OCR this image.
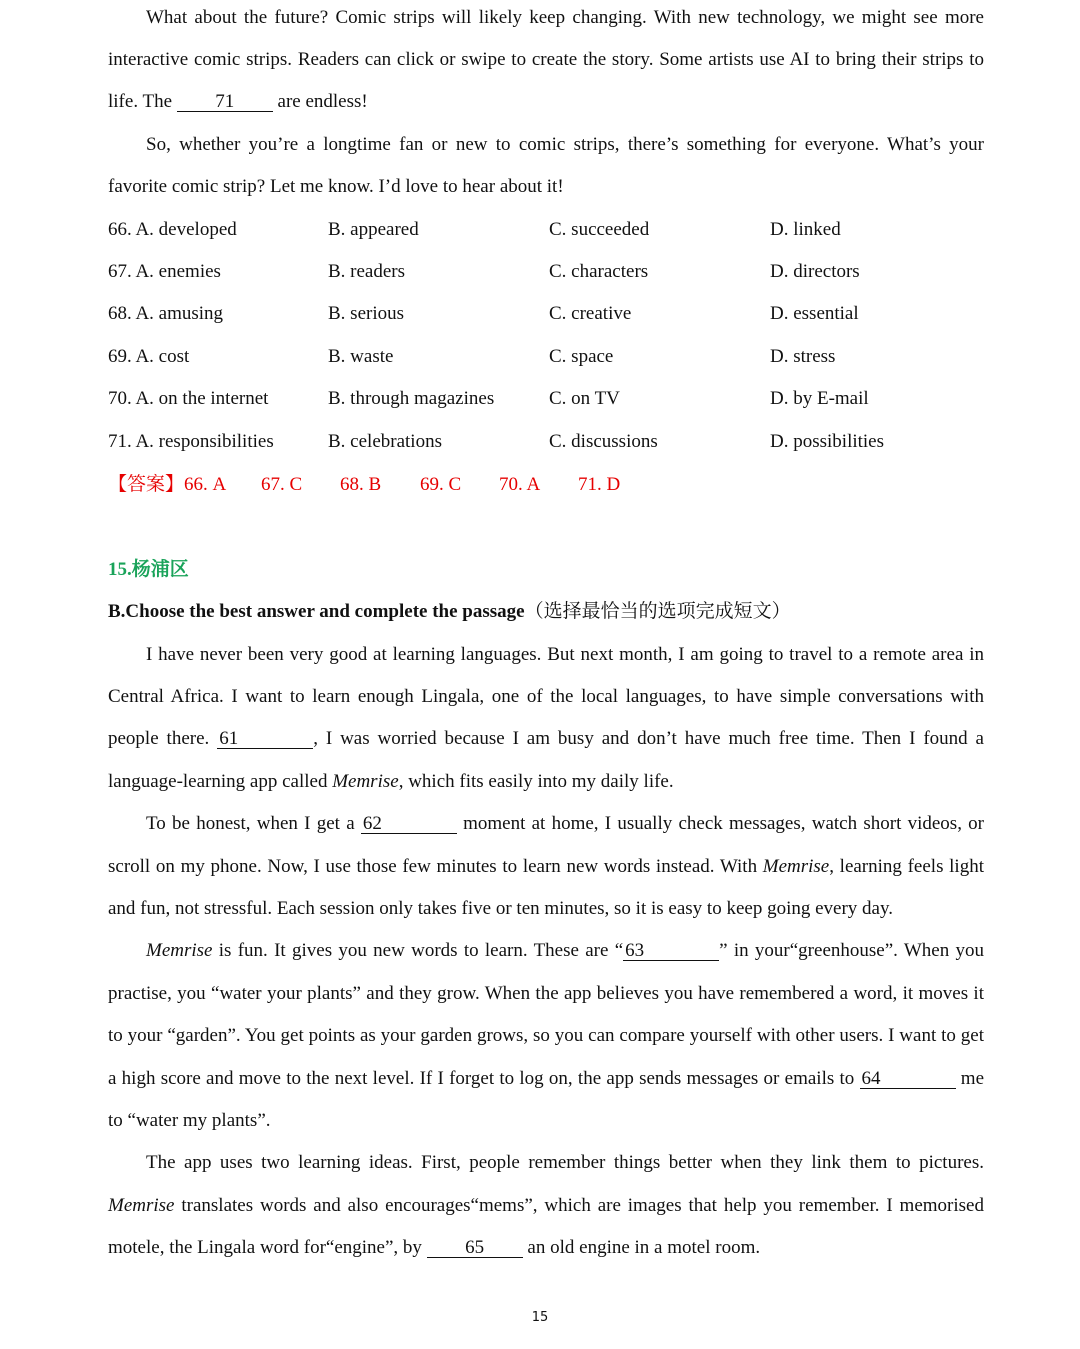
What about the future? Comic strips will likely keep changing. With new technology, we might see more
interactive comic strips. Readers can click or swipe to create the story. Some artists use AI to bring their strips to
life. The 71 are endless!
So, whether you’re a longtime fan or new to comic strips, there’s something for everyone. What’s your
favorite comic strip? Let me know. I’d love to hear about it!
66. A. developed	B. appeared	C. succeeded	D. linked
67. A. enemies	B. readers	C. characters	D. directors
68. A. amusing	B. serious	C. creative	D. essential
69. A. cost	B. waste	C. space	D. stress
70. A. on the internet	B. through magazines	C. on TV	D. by E-mail
71. A. responsibilities	B. celebrations	C. discussions	D. possibilities
【答案】66. A 67. C 68. B 69. C 70. A 71. D
15.杨浦区
B.Choose the best answer and complete the passage（选择最恰当的选项完成短文）
I have never been very good at learning languages. But next month, I am going to travel to a remote area in
Central Africa. I want to learn enough Lingala, one of the local languages, to have simple conversations with
people there. 61	, I was worried because I am busy and don’t have much free time. Then I found a
language-learning app called Memrise, which fits easily into my daily life.
To be honest, when I get a 62	moment at home, I usually check messages, watch short videos, or
scroll on my phone. Now, I use those few minutes to learn new words instead. With Memrise, learning feels light
and fun, not stressful. Each session only takes five or ten minutes, so it is easy to keep going every day.
Memrise is fun. It gives you new words to learn. These are “ 63	” in your“greenhouse”. When you
practise, you “water your plants” and they grow. When the app believes you have remembered a word, it moves it
to your “garden”. You get points as your garden grows, so you can compare yourself with other users. I want to get
a high score and move to the next level. If I forget to log on, the app sends messages or emails to 64	me
to “water my plants”.
The app uses two learning ideas. First, people remember things better when they link them to pictures.
Memrise translates words and also encourages“mems”, which are images that help you remember. I memorised
motele, the Lingala word for“engine”, by 65 an old engine in a motel room.
15
